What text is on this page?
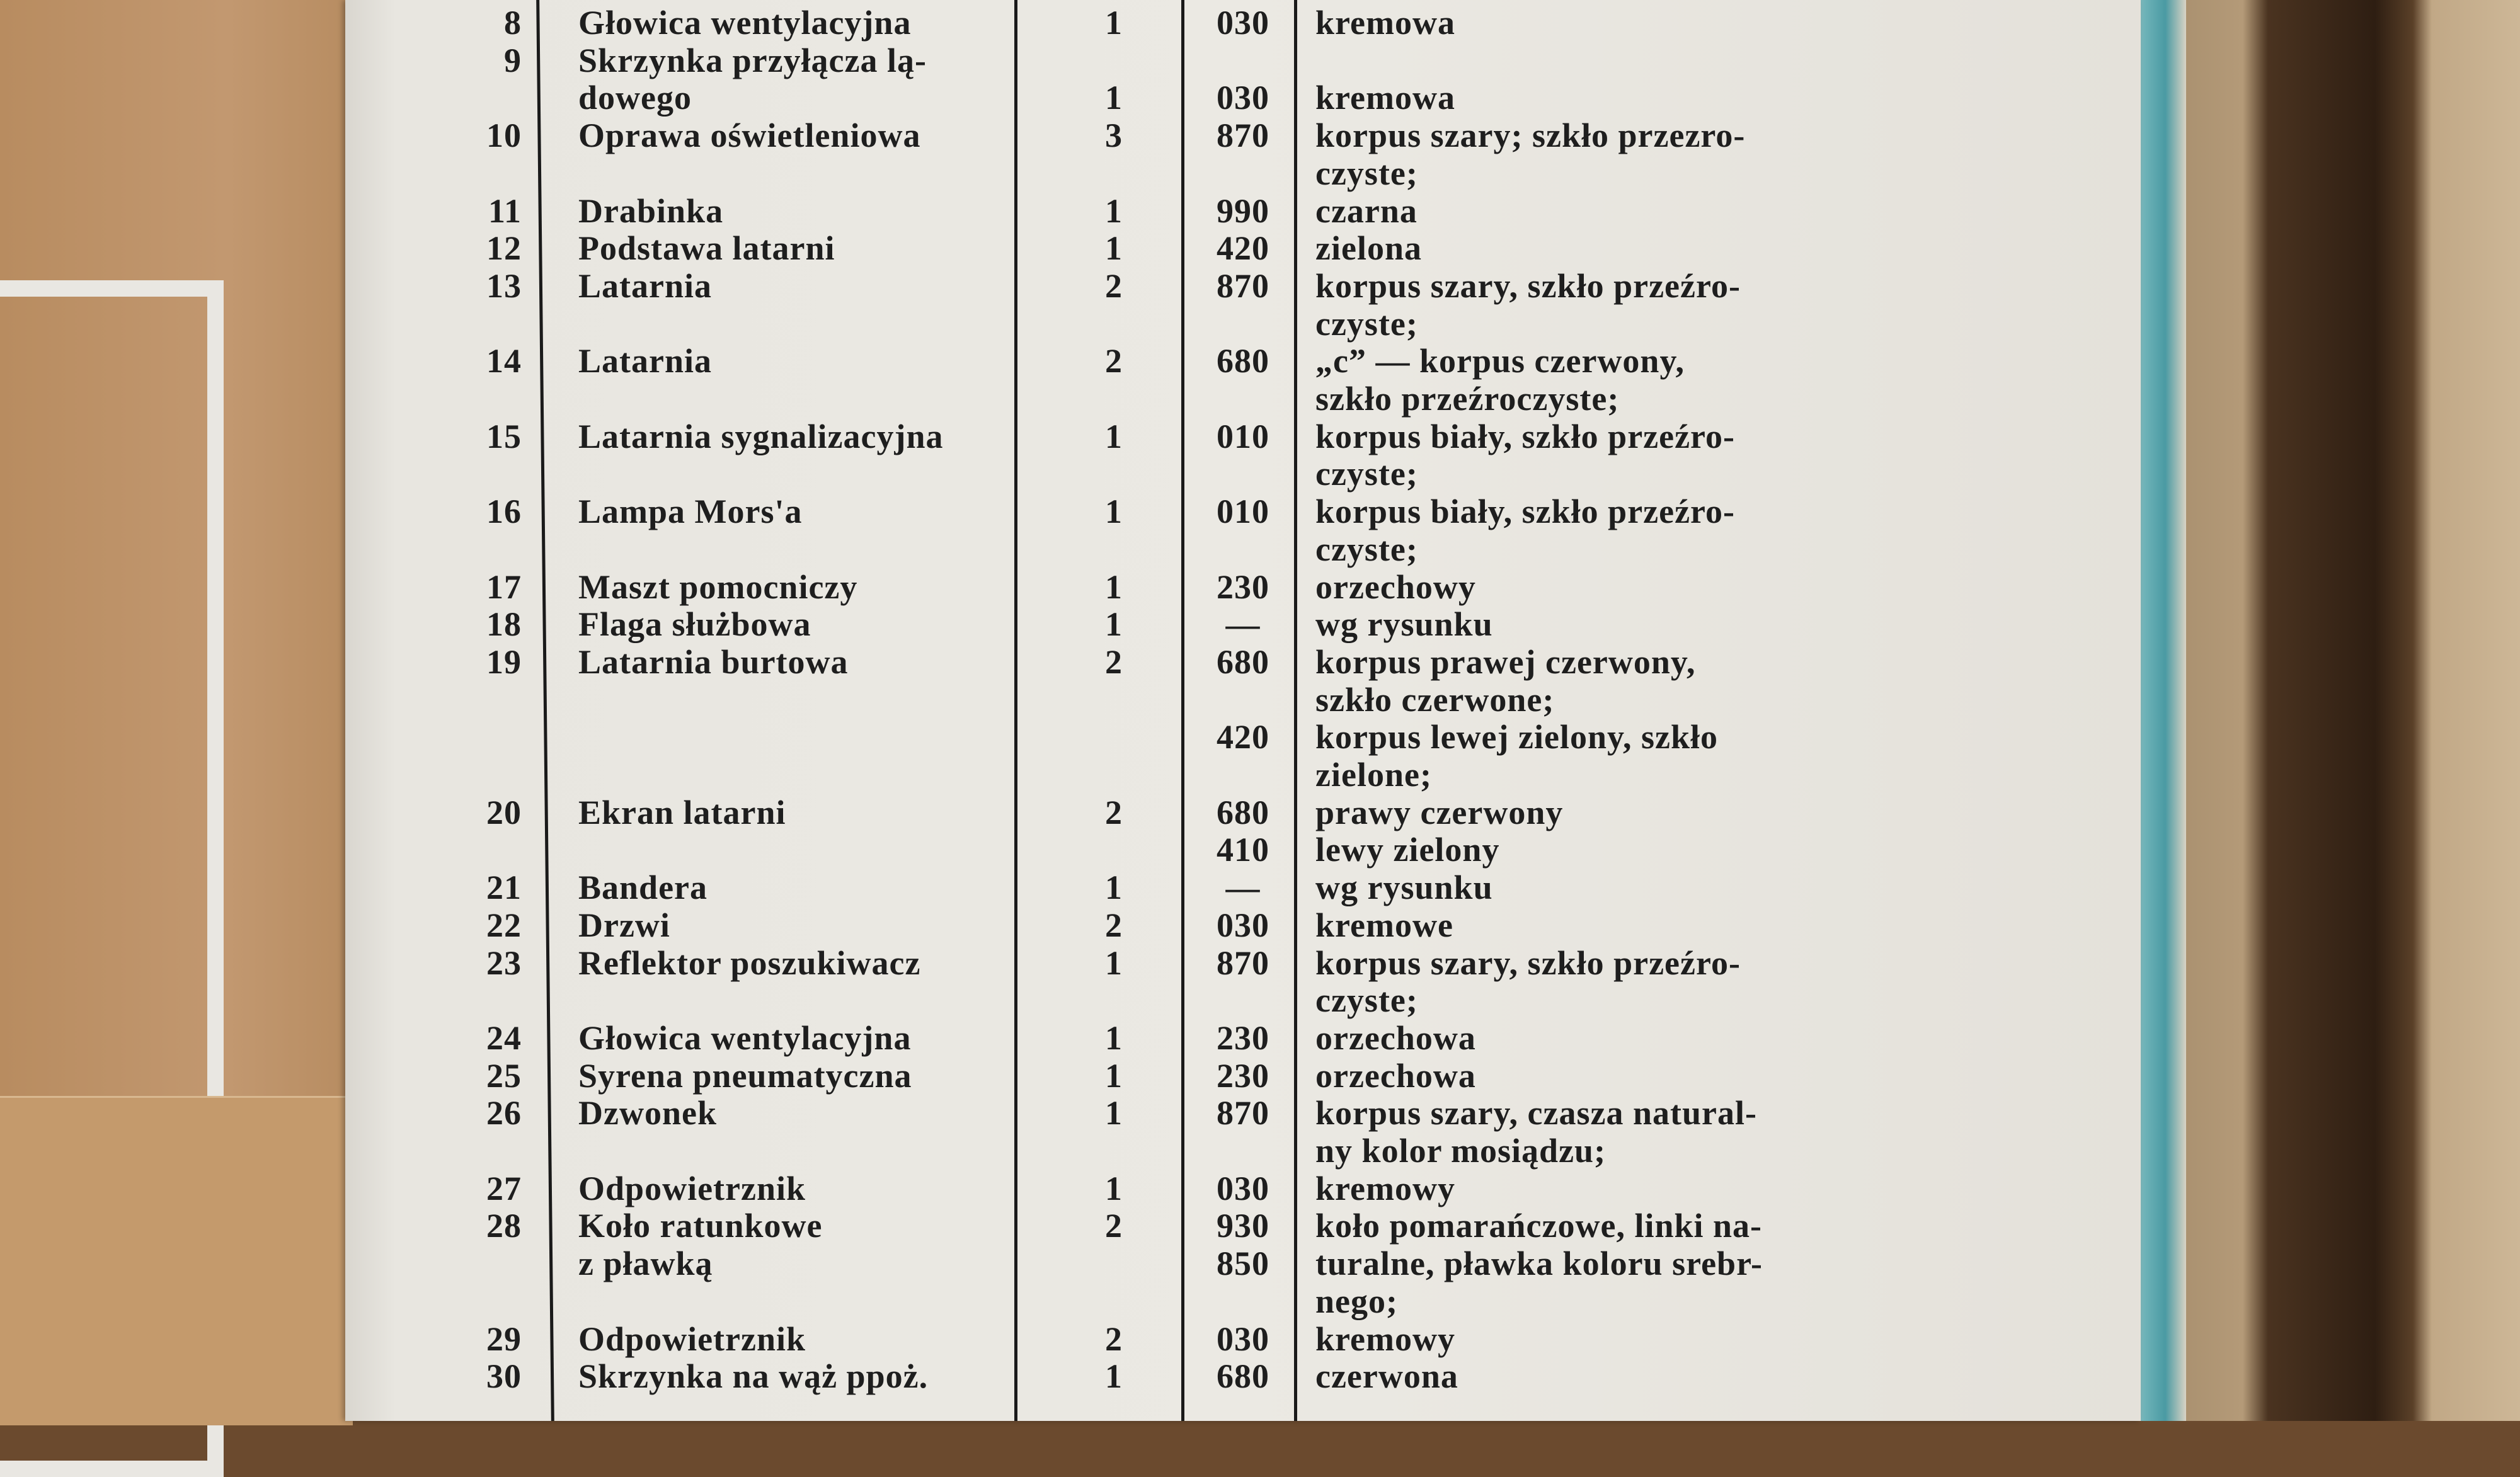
8 Głowica wentylacyjna	1	030	kremowa
9 Skrzynka przyłącza lą-
dowego	1	030	kremowa
10 Oprawa oświetleniowa	3	870	korpus szary; szkło przezro-
czyste;
11 Drabinka	1	990	czarna
12 Podstawa latarni	1	420	zielona
13 Latarnia	2	870	korpus szary, szkło przeźro-
czyste;
14 Latarnia	2	680	„c” — korpus czerwony,
szkło przeźroczyste;
15 Latarnia sygnalizacyjna	1	010	korpus biały, szkło przeźro-
czyste;
16 Lampa Mors'a	1	010	korpus biały, szkło przeźro-
czyste;
17 Maszt pomocniczy	1	230	orzechowy
18 Flaga służbowa	1	—	wg rysunku
19 Latarnia burtowa	2	680	korpus prawej czerwony,
szkło czerwone;
420	korpus lewej zielony, szkło
zielone;
20 Ekran latarni	2	680	prawy czerwony
410	lewy zielony
21 Bandera	1	—	wg rysunku
22 Drzwi	2	030	kremowe
23 Reflektor poszukiwacz	1	870	korpus szary, szkło przeźro-
czyste;
24 Głowica wentylacyjna	1	230	orzechowa
25 Syrena pneumatyczna	1	230	orzechowa
26 Dzwonek	1	870	korpus szary, czasza natural-
ny kolor mosiądzu;
27 Odpowietrznik	1	030	kremowy
28 Koło ratunkowe	2	930	koło pomarańczowe, linki na-
z pławką	850	turalne, pławka koloru srebr-
nego;
29 Odpowietrznik	2	030	kremowy
30 Skrzynka na wąż ppoż.	1	680	czerwona
